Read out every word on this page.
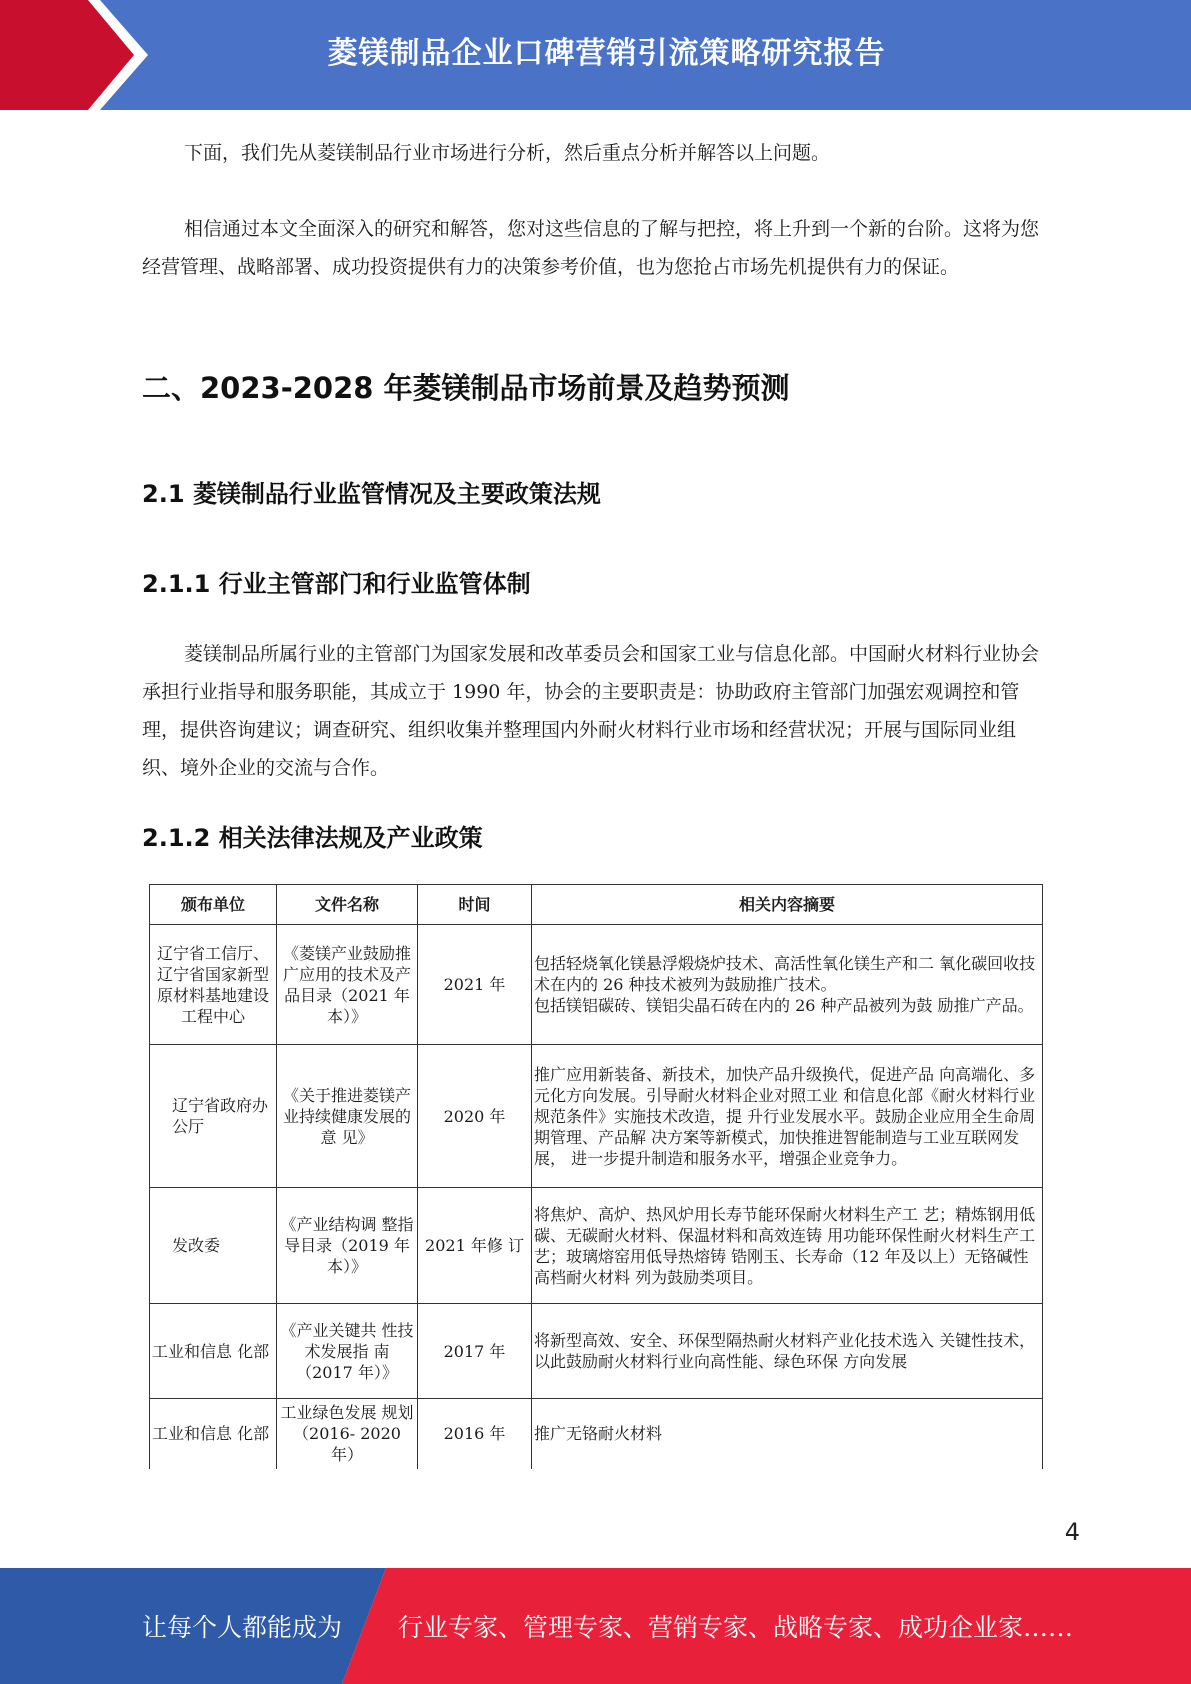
菱镁制品企业口碑营销引流策略研究报告

下面，我们先从菱镁制品行业市场进行分析，然后重点分析并解答以上问题。

相信通过本文全面深入的研究和解答，您对这些信息的了解与把控，将上升到一个新的台阶。这将为您经营管理、战略部署、成功投资提供有力的决策参考价值，也为您抢占市场先机提供有力的保证。

二、2023-2028 年菱镁制品市场前景及趋势预测
2.1 菱镁制品行业监管情况及主要政策法规
2.1.1 行业主管部门和行业监管体制

菱镁制品所属行业的主管部门为国家发展和改革委员会和国家工业与信息化部。中国耐火材料行业协会承担行业指导和服务职能，其成立于 1990 年，协会的主要职责是：协助政府主管部门加强宏观调控和管理，提供咨询建议；调查研究、组织收集并整理国内外耐火材料行业市场和经营状况；开展与国际同业组织、境外企业的交流与合作。

2.1.2 相关法律法规及产业政策
颁布单位	文件名称	时间	相关内容摘要
辽宁省工信厅、辽宁省国家新型原材料基地建设工程中心	《菱镁产业鼓励推广应用的技术及产品目录（2021 年本）》	2021 年	包括轻烧氧化镁悬浮煅烧炉技术、高活性氧化镁生产和二 氧化碳回收技术在内的 26 种技术被列为鼓励推广技术。
包括镁铝碳砖、镁铝尖晶石砖在内的 26 种产品被列为鼓 励推广产品。

辽宁省政府办公厅	《关于推进菱镁产业持续健康发展的意 见》	2020 年	推广应用新装备、新技术，加快产品升级换代，促进产品 向高端化、多元化方向发展。引导耐火材料企业对照工业 和信息化部《耐火材料行业规范条件》实施技术改造，提 升行业发展水平。鼓励企业应用全生命周期管理、产品解 决方案等新模式，加快推进智能制造与工业互联网发展， 进一步提升制造和服务水平，增强企业竞争力。
发改委	《产业结构调 整指导目录（2019 年本）》	2021 年修 订	将焦炉、高炉、热风炉用长寿节能环保耐火材料生产工 艺；精炼钢用低碳、无碳耐火材料、保温材料和高效连铸 用功能环保性耐火材料生产工艺；玻璃熔窑用低导热熔铸 锆刚玉、长寿命（12 年及以上）无铬碱性高档耐火材料 列为鼓励类项目。
工业和信息 化部	《产业关键共 性技术发展指 南（2017 年）》	2017 年	将新型高效、安全、环保型隔热耐火材料产业化技术选入 关键性技术，以此鼓励耐火材料行业向高性能、绿色环保 方向发展
工业和信息 化部	工业绿色发展 规划（2016- 2020 年）	2016 年	推广无铬耐火材料
4
让每个人都能成为 行业专家、管理专家、营销专家、战略专家、成功企业家……
